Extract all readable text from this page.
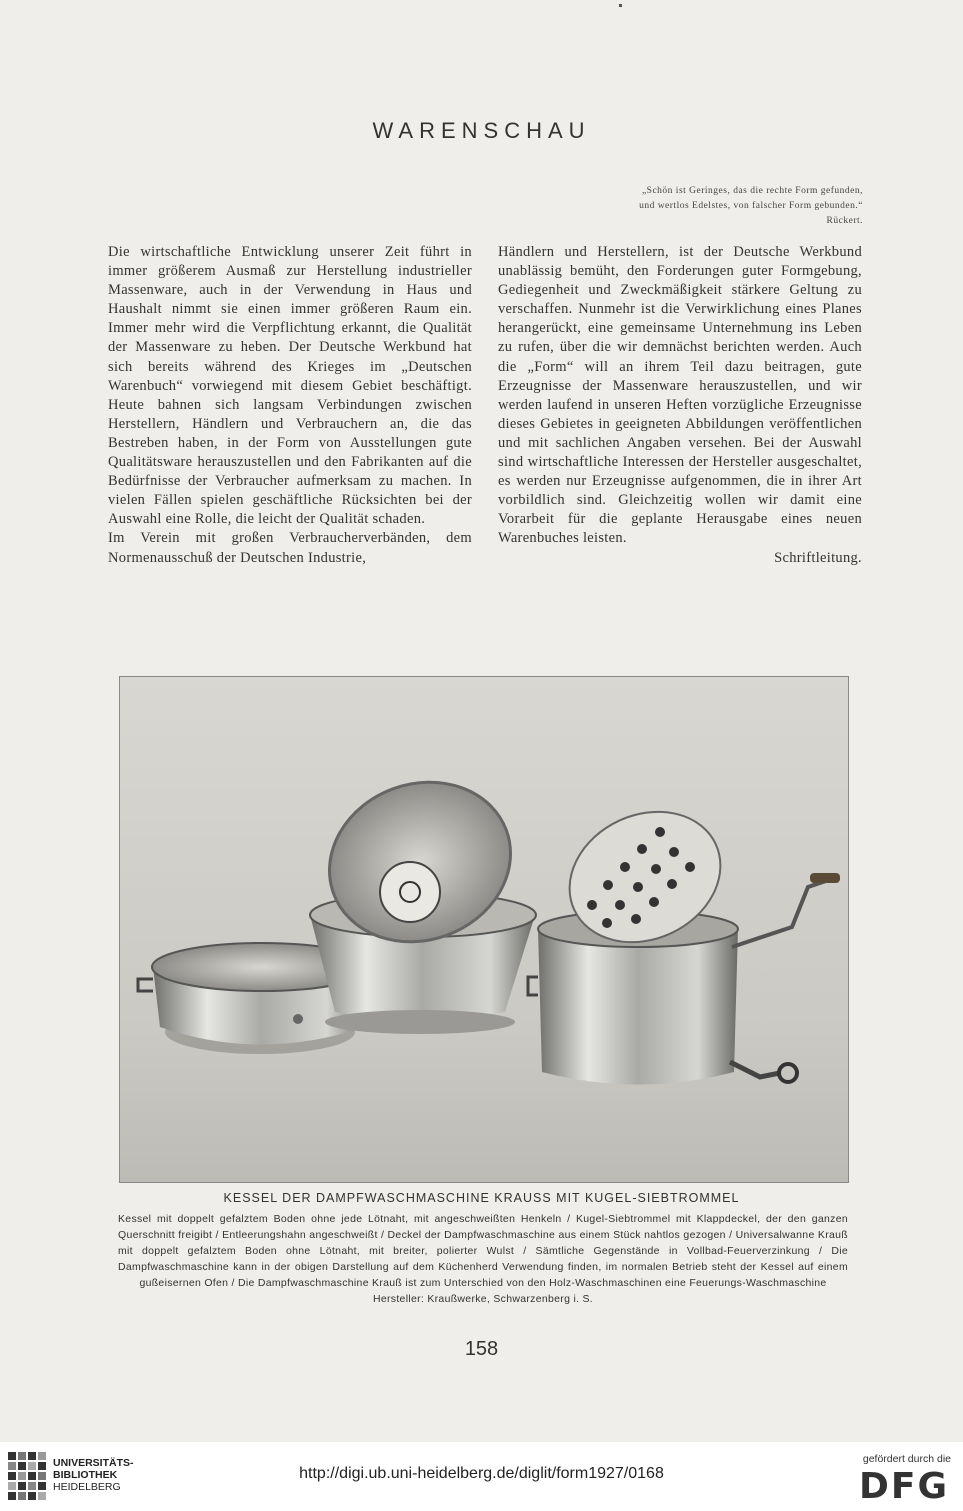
WARENSCHAU
„Schön ist Geringes, das die rechte Form gefunden,
und wertlos Edelstes, von falscher Form gebunden.“
Rückert.

Die wirtschaftliche Entwicklung unserer Zeit führt in immer größerem Ausmaß zur Herstellung industrieller Massenware, auch in der Verwendung in Haus und Haushalt nimmt sie einen immer größeren Raum ein. Immer mehr wird die Verpflichtung erkannt, die Qualität der Massenware zu heben. Der Deutsche Werkbund hat sich bereits während des Krieges im „Deutschen Warenbuch“ vorwiegend mit diesem Gebiet beschäftigt. Heute bahnen sich langsam Verbindungen zwischen Herstellern, Händlern und Verbrauchern an, die das Bestreben haben, in der Form von Ausstellungen gute Qualitätsware herauszustellen und den Fabrikanten auf die Bedürfnisse der Verbraucher aufmerksam zu machen. In vielen Fällen spielen geschäftliche Rücksichten bei der Auswahl eine Rolle, die leicht der Qualität schaden.

Im Verein mit großen Verbraucherverbänden, dem Normenausschuß der Deutschen Industrie,

Händlern und Herstellern, ist der Deutsche Werkbund unablässig bemüht, den Forderungen guter Formgebung, Gediegenheit und Zweckmäßigkeit stärkere Geltung zu verschaffen. Nunmehr ist die Verwirklichung eines Planes herangerückt, eine gemeinsame Unternehmung ins Leben zu rufen, über die wir demnächst berichten werden. Auch die „Form“ will an ihrem Teil dazu beitragen, gute Erzeugnisse der Massenware herauszustellen, und wir werden laufend in unseren Heften vorzügliche Erzeugnisse dieses Gebietes in geeigneten Abbildungen veröffentlichen und mit sachlichen Angaben versehen. Bei der Auswahl sind wirtschaftliche Interessen der Hersteller ausgeschaltet, es werden nur Erzeugnisse aufgenommen, die in ihrer Art vorbildlich sind. Gleichzeitig wollen wir damit eine Vorarbeit für die geplante Herausgabe eines neuen Warenbuches leisten.

Schriftleitung.

KESSEL DER DAMPFWASCHMASCHINE KRAUSS MIT KUGEL-SIEBTROMMEL
Kessel mit doppelt gefalztem Boden ohne jede Lötnaht, mit angeschweißten Henkeln / Kugel-Siebtrommel mit Klappdeckel, der den ganzen Querschnitt freigibt / Entleerungshahn angeschweißt / Deckel der Dampfwaschmaschine aus einem Stück nahtlos gezogen / Universalwanne Krauß mit doppelt gefalztem Boden ohne Lötnaht, mit breiter, polierter Wulst / Sämtliche Gegenstände in Vollbad-Feuerverzinkung / Die Dampfwaschmaschine kann in der obigen Darstellung auf dem Küchenherd Verwendung finden, im normalen Betrieb steht der Kessel auf einem gußeisernen Ofen / Die Dampfwaschmaschine Krauß ist zum Unterschied von den Holz-Waschmaschinen eine Feuerungs-Waschmaschine
Hersteller: Kraußwerke, Schwarzenberg i. S.
158
UNIVERSITÄTS-
BIBLIOTHEK
HEIDELBERG
http://digi.ub.uni-heidelberg.de/diglit/form1927/0168
gefördert durch die
DFG
